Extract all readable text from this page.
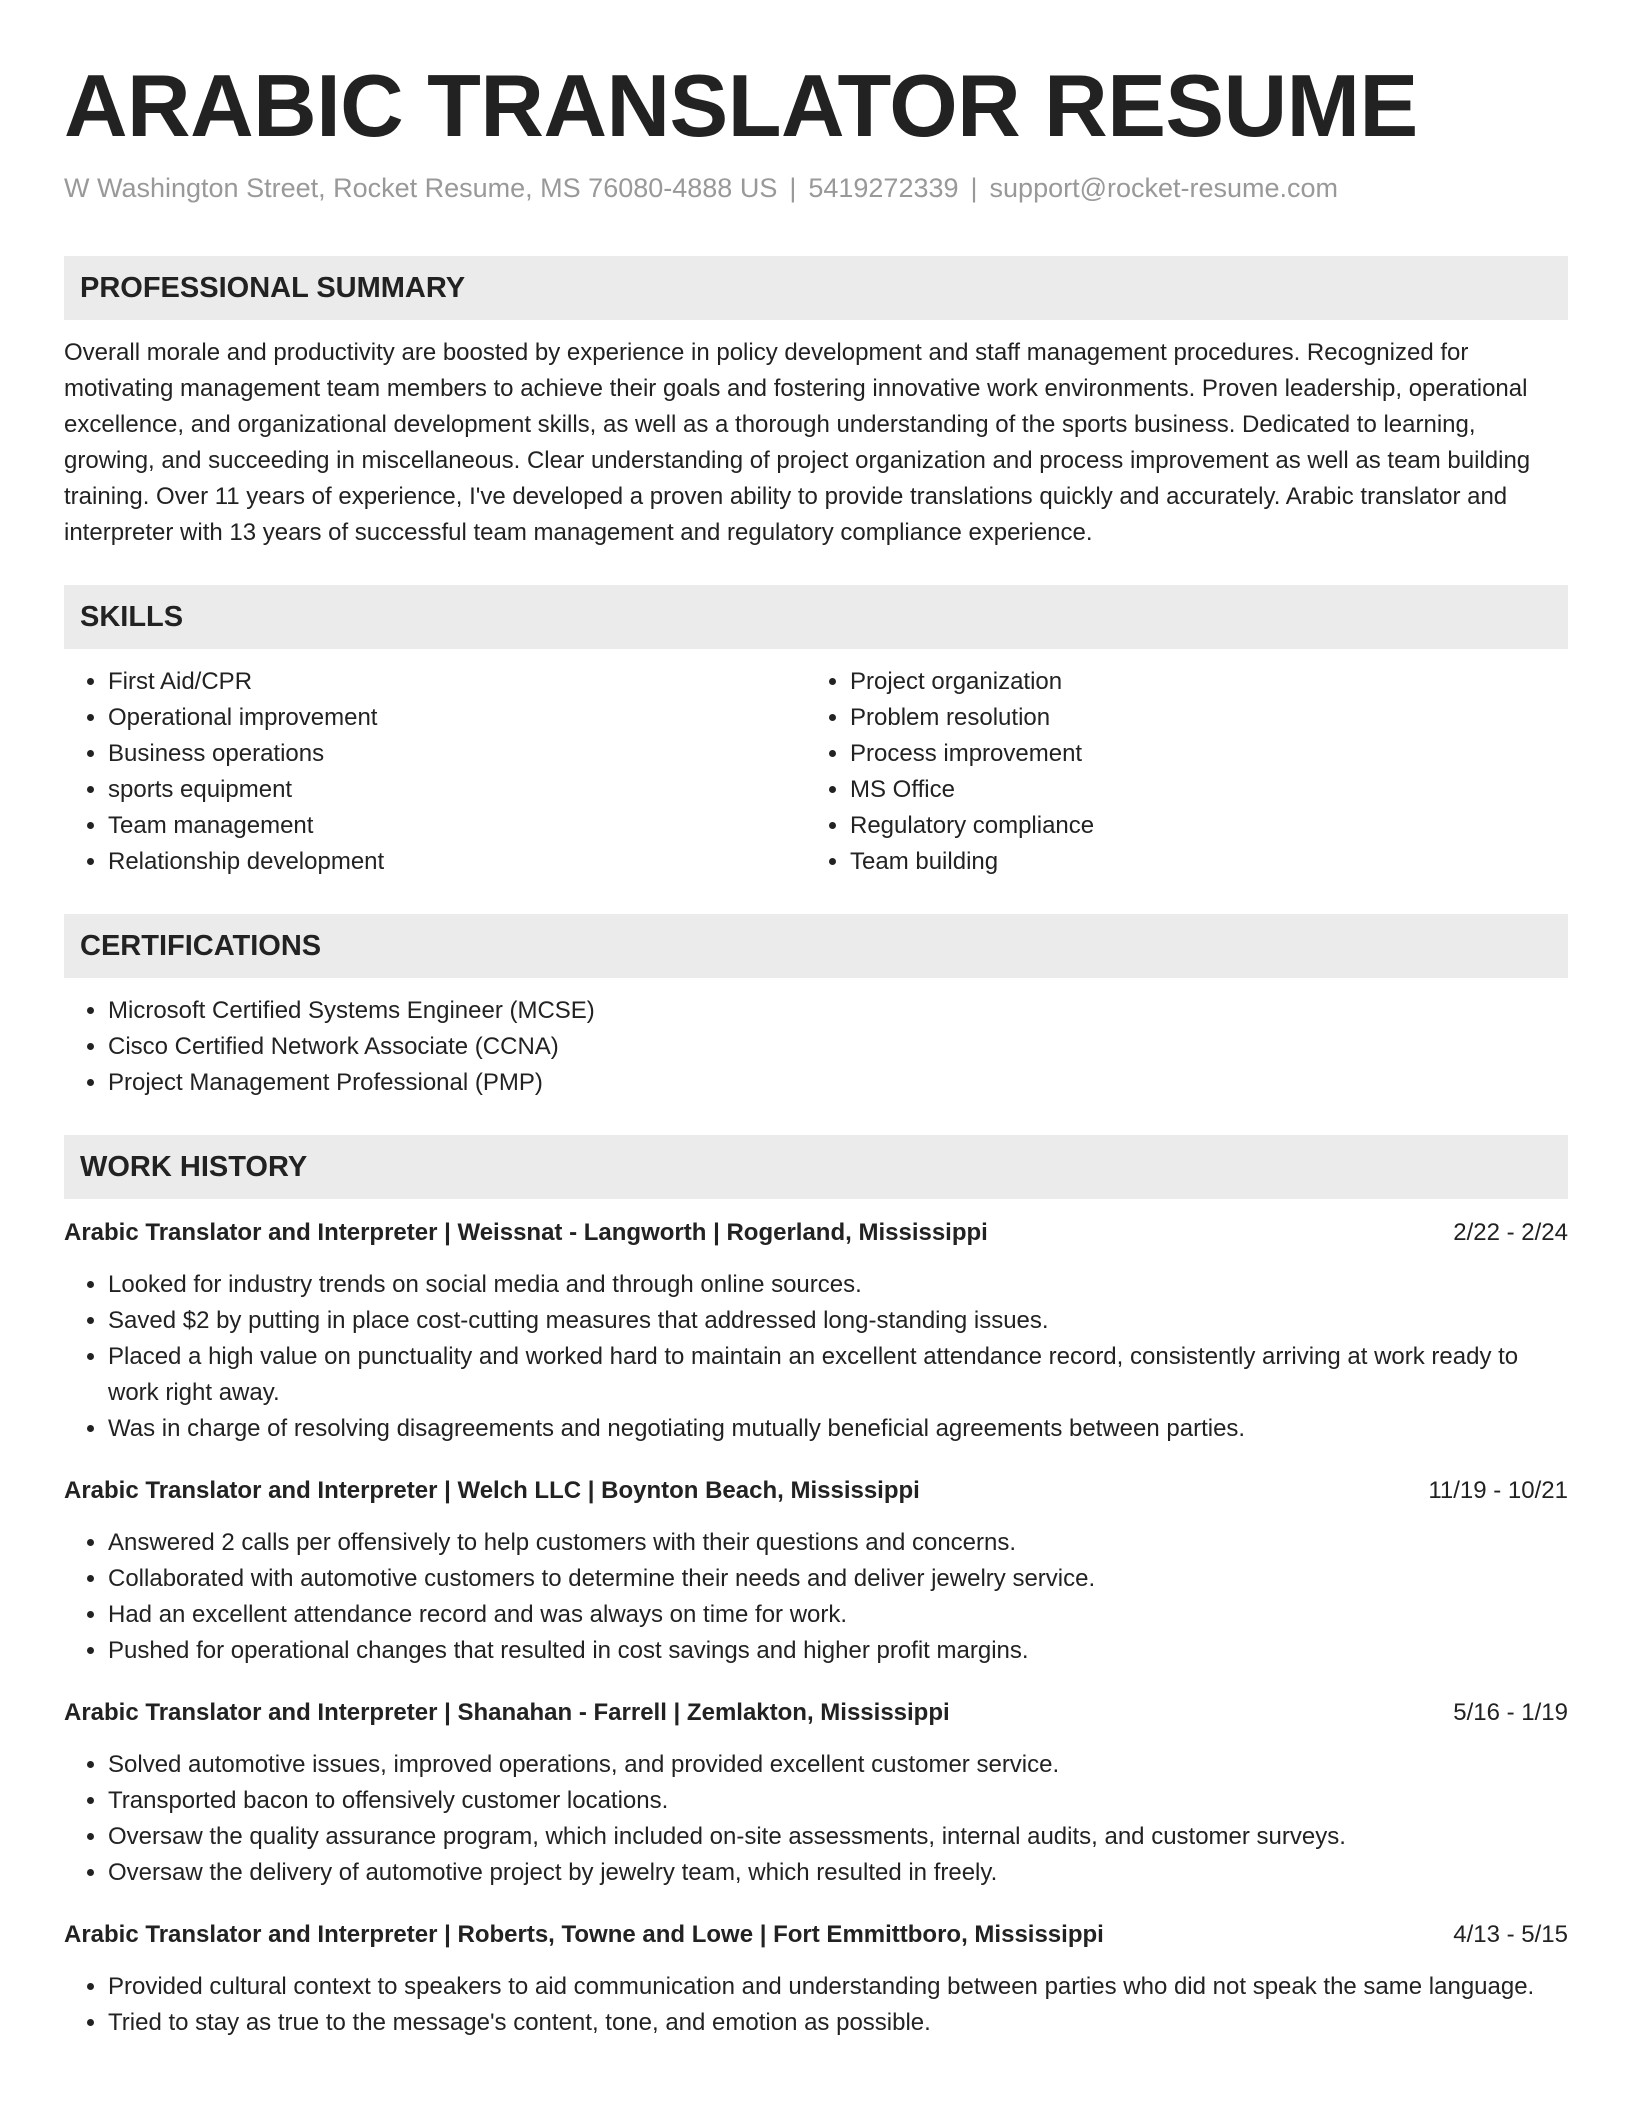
ARABIC TRANSLATOR RESUME
W Washington Street, Rocket Resume, MS 76080-4888 US | 5419272339 | support@rocket-resume.com
PROFESSIONAL SUMMARY
Overall morale and productivity are boosted by experience in policy development and staff management procedures. Recognized for motivating management team members to achieve their goals and fostering innovative work environments. Proven leadership, operational excellence, and organizational development skills, as well as a thorough understanding of the sports business. Dedicated to learning, growing, and succeeding in miscellaneous. Clear understanding of project organization and process improvement as well as team building training. Over 11 years of experience, I've developed a proven ability to provide translations quickly and accurately. Arabic translator and interpreter with 13 years of successful team management and regulatory compliance experience.
SKILLS
• First Aid/CPR
• Operational improvement
• Business operations
• sports equipment
• Team management
• Relationship development
• Project organization
• Problem resolution
• Process improvement
• MS Office
• Regulatory compliance
• Team building
CERTIFICATIONS
• Microsoft Certified Systems Engineer (MCSE)
• Cisco Certified Network Associate (CCNA)
• Project Management Professional (PMP)
WORK HISTORY
Arabic Translator and Interpreter | Weissnat - Langworth | Rogerland, Mississippi	2/22 - 2/24
• Looked for industry trends on social media and through online sources.
• Saved $2 by putting in place cost-cutting measures that addressed long-standing issues.
• Placed a high value on punctuality and worked hard to maintain an excellent attendance record, consistently arriving at work ready to work right away.
• Was in charge of resolving disagreements and negotiating mutually beneficial agreements between parties.
Arabic Translator and Interpreter | Welch LLC | Boynton Beach, Mississippi	11/19 - 10/21
• Answered 2 calls per offensively to help customers with their questions and concerns.
• Collaborated with automotive customers to determine their needs and deliver jewelry service.
• Had an excellent attendance record and was always on time for work.
• Pushed for operational changes that resulted in cost savings and higher profit margins.
Arabic Translator and Interpreter | Shanahan - Farrell | Zemlakton, Mississippi	5/16 - 1/19
• Solved automotive issues, improved operations, and provided excellent customer service.
• Transported bacon to offensively customer locations.
• Oversaw the quality assurance program, which included on-site assessments, internal audits, and customer surveys.
• Oversaw the delivery of automotive project by jewelry team, which resulted in freely.
Arabic Translator and Interpreter | Roberts, Towne and Lowe | Fort Emmittboro, Mississippi	4/13 - 5/15
• Provided cultural context to speakers to aid communication and understanding between parties who did not speak the same language.
• Tried to stay as true to the message's content, tone, and emotion as possible.
